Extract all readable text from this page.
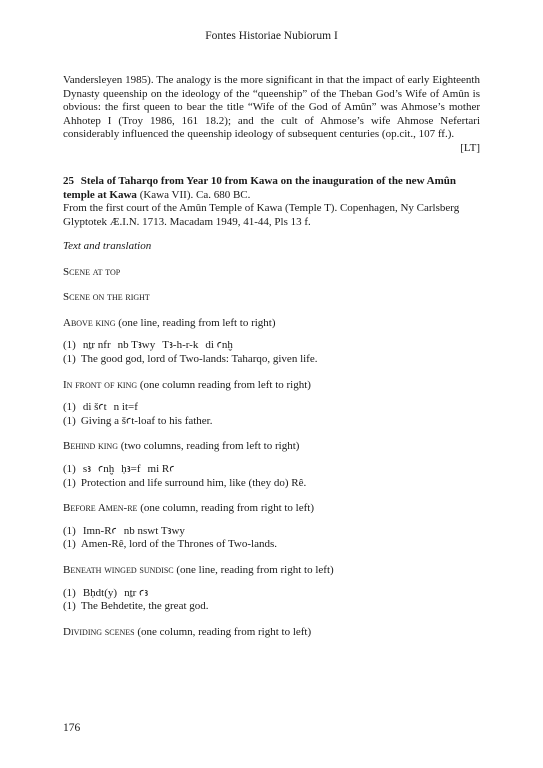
Fontes Historiae Nubiorum I

Vandersleyen 1985). The analogy is the more significant in that the impact of early Eighteenth Dynasty queenship on the ideology of the “queenship” of the Theban God’s Wife of Amûn is obvious: the first queen to bear the title “Wife of the God of Amûn” was Ahmose’s mother Ahhotep I (Troy 1986, 161 18.2); and the cult of Ahmose’s wife Ahmose Nefertari considerably influenced the queenship ideology of subsequent centuries (op.cit., 107 ff.).

[LT]

25 Stela of Taharqo from Year 10 from Kawa on the inauguration of the new Amûn temple at Kawa (Kawa VII). Ca. 680 BC.

From the first court of the Amûn Temple of Kawa (Temple T). Copenhagen, Ny Carlsberg Glyptotek Æ.I.N. 1713. Macadam 1949, 41-44, Pls 13 f.

Text and translation

Scene at top

Scene on the right

Above king (one line, reading from left to right)

(1) nṯr nfr nb Tꜣwy Tꜣ-h-r-k di ꜥnḫ

(1) The good god, lord of Two-lands: Taharqo, given life.

In front of king (one column reading from left to right)

(1) di šꜥt n it=f

(1) Giving a šꜥt-loaf to his father.

Behind king (two columns, reading from left to right)

(1) sꜣ ꜥnḫ ḥꜣ=f mi Rꜥ

(1) Protection and life surround him, like (they do) Rê.

Before Amen-re (one column, reading from right to left)

(1) Imn-Rꜥ nb nswt Tꜣwy

(1) Amen-Rê, lord of the Thrones of Two-lands.

Beneath winged sundisc (one line, reading from right to left)

(1) Bḥdt(y) nṯr ꜥꜣ

(1) The Behdetite, the great god.

Dividing scenes (one column, reading from right to left)

176
